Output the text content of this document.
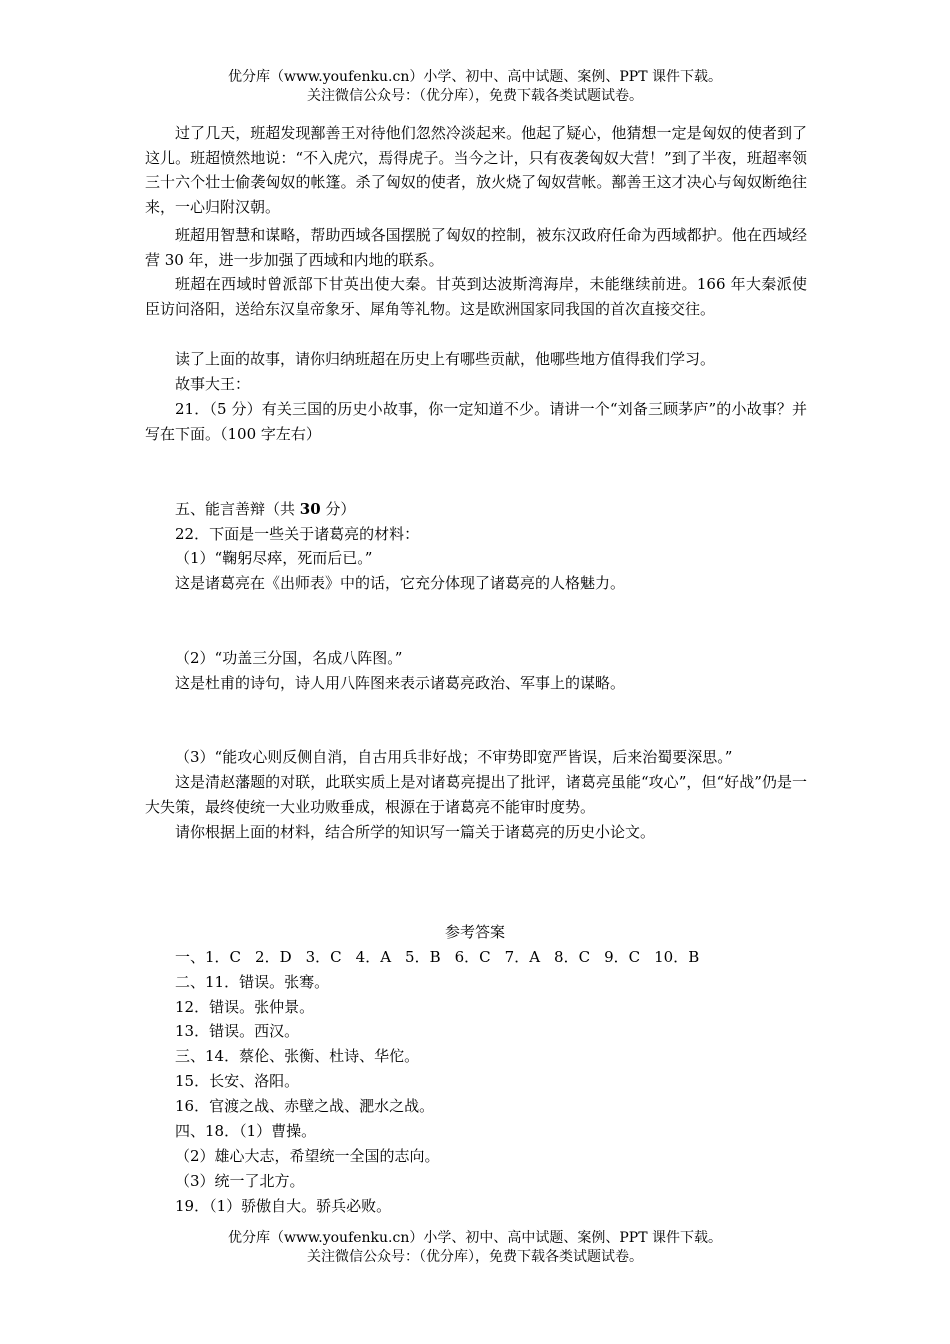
优分库（www.youfenku.cn）小学、初中、高中试题、案例、PPT 课件下载。
关注微信公众号：（优分库），免费下载各类试题试卷。
过了几天，班超发现鄯善王对待他们忽然冷淡起来。他起了疑心，他猜想一定是匈奴的使者到了这儿。班超愤然地说：“不入虎穴，焉得虎子。当今之计，只有夜袭匈奴大营！”到了半夜，班超率领三十六个壮士偷袭匈奴的帐篷。杀了匈奴的使者，放火烧了匈奴营帐。鄯善王这才决心与匈奴断绝往来，一心归附汉朝。
班超用智慧和谋略，帮助西域各国摆脱了匈奴的控制，被东汉政府任命为西域都护。他在西域经营 30 年，进一步加强了西域和内地的联系。
班超在西域时曾派部下甘英出使大秦。甘英到达波斯湾海岸，未能继续前进。166 年大秦派使臣访问洛阳，送给东汉皇帝象牙、犀角等礼物。这是欧洲国家同我国的首次直接交往。
读了上面的故事，请你归纳班超在历史上有哪些贡献，他哪些地方值得我们学习。
故事大王：
21．（5 分）有关三国的历史小故事，你一定知道不少。请讲一个“刘备三顾茅庐”的小故事？并写在下面。（100 字左右）
五、能言善辩（共 30 分）
22．下面是一些关于诸葛亮的材料：
（1）“鞠躬尽瘁，死而后已。”
这是诸葛亮在《出师表》中的话，它充分体现了诸葛亮的人格魅力。
（2）“功盖三分国，名成八阵图。”
这是杜甫的诗句，诗人用八阵图来表示诸葛亮政治、军事上的谋略。
（3）“能攻心则反侧自消，自古用兵非好战；不审势即宽严皆误，后来治蜀要深思。”
这是清赵藩题的对联，此联实质上是对诸葛亮提出了批评，诸葛亮虽能“攻心”，但“好战”仍是一大失策，最终使统一大业功败垂成，根源在于诸葛亮不能审时度势。
请你根据上面的材料，结合所学的知识写一篇关于诸葛亮的历史小论文。
参考答案
一、1．C 2．D 3．C 4．A 5．B 6．C 7．A 8．C 9．C 10．B
二、11．错误。张骞。
12．错误。张仲景。
13．错误。西汉。
三、14．蔡伦、张衡、杜诗、华佗。
15．长安、洛阳。
16．官渡之战、赤壁之战、淝水之战。
四、18．（1）曹操。
（2）雄心大志，希望统一全国的志向。
（3）统一了北方。
19．（1）骄傲自大。骄兵必败。
优分库（www.youfenku.cn）小学、初中、高中试题、案例、PPT 课件下载。
关注微信公众号：（优分库），免费下载各类试题试卷。
